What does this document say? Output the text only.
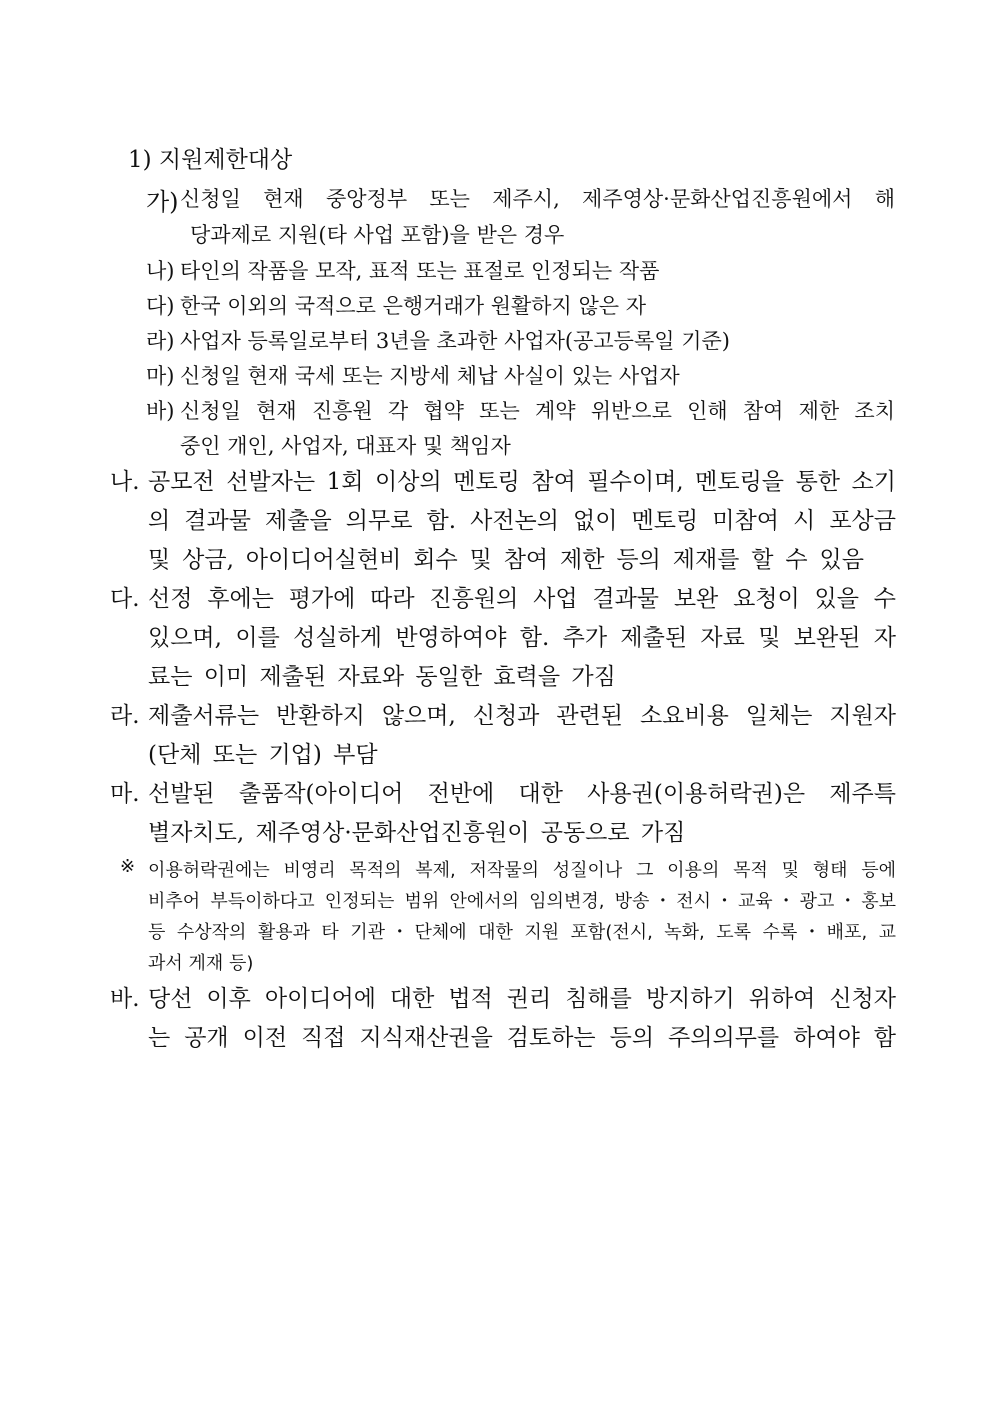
1) 지원제한대상
가) 신청일 현재 중앙정부 또는 제주시, 제주영상·문화산업진흥원에서 해
당과제로 지원(타 사업 포함)을 받은 경우
나) 타인의 작품을 모작, 표적 또는 표절로 인정되는 작품
다) 한국 이외의 국적으로 은행거래가 원활하지 않은 자
라) 사업자 등록일로부터 3년을 초과한 사업자(공고등록일 기준)
마) 신청일 현재 국세 또는 지방세 체납 사실이 있는 사업자
바) 신청일 현재 진흥원 각 협약 또는 계약 위반으로 인해 참여 제한 조치
중인 개인, 사업자, 대표자 및 책임자
나. 공모전 선발자는 1회 이상의 멘토링 참여 필수이며, 멘토링을 통한 소기
의 결과물 제출을 의무로 함. 사전논의 없이 멘토링 미참여 시 포상금
및 상금, 아이디어실현비 회수 및 참여 제한 등의 제재를 할 수 있음
다. 선정 후에는 평가에 따라 진흥원의 사업 결과물 보완 요청이 있을 수
있으며, 이를 성실하게 반영하여야 함. 추가 제출된 자료 및 보완된 자
료는 이미 제출된 자료와 동일한 효력을 가짐
라. 제출서류는 반환하지 않으며, 신청과 관련된 소요비용 일체는 지원자
(단체 또는 기업) 부담
마. 선발된 출품작(아이디어 전반에 대한 사용권(이용허락권)은 제주특
별자치도, 제주영상·문화산업진흥원이 공동으로 가짐
※ 이용허락권에는 비영리 목적의 복제, 저작물의 성질이나 그 이용의 목적 및 형태 등에
비추어 부득이하다고 인정되는 범위 안에서의 임의변경, 방송・전시・교육・광고・홍보
등 수상작의 활용과 타 기관・단체에 대한 지원 포함(전시, 녹화, 도록 수록・배포, 교
과서 게재 등)
바. 당선 이후 아이디어에 대한 법적 권리 침해를 방지하기 위하여 신청자
는 공개 이전 직접 지식재산권을 검토하는 등의 주의의무를 하여야 함
